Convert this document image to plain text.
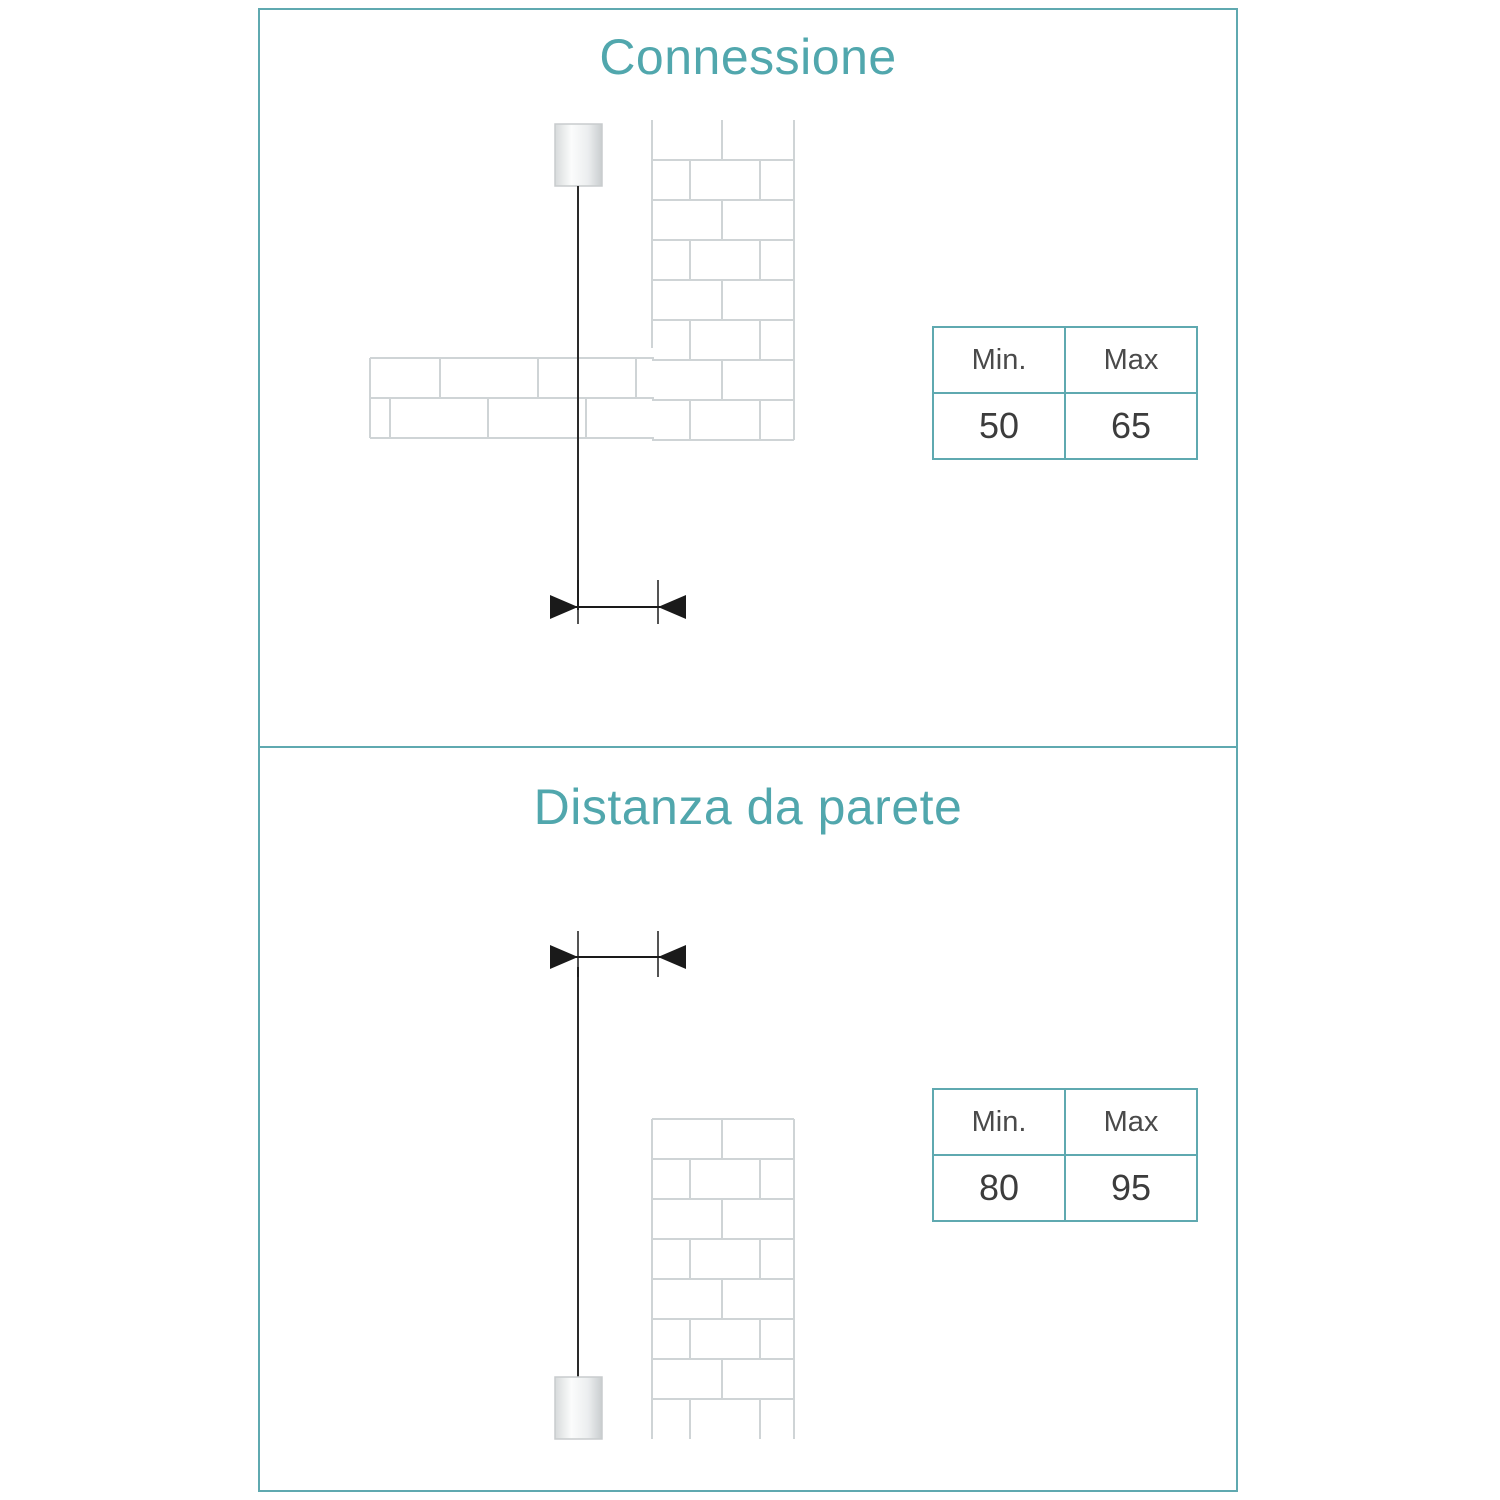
Connessione
Min.	Max
50	65
Distanza da parete
Min.	Max
80	95
